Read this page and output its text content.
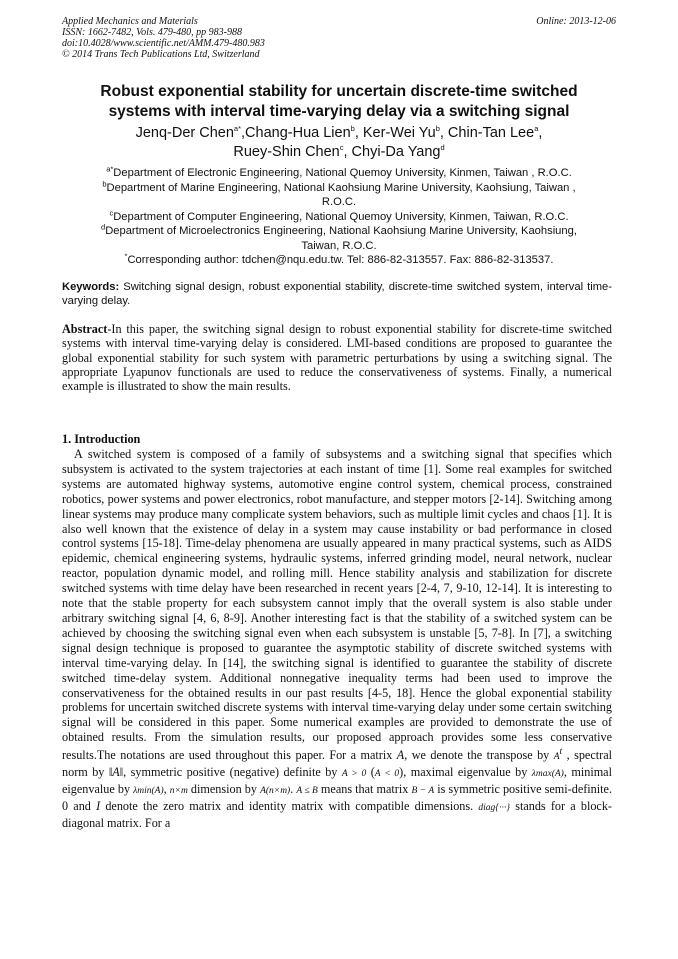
Applied Mechanics and Materials
ISSN: 1662-7482, Vols. 479-480, pp 983-988
doi:10.4028/www.scientific.net/AMM.479-480.983
© 2014 Trans Tech Publications Ltd, Switzerland
Online: 2013-12-06
Robust exponential stability for uncertain discrete-time switched
systems with interval time-varying delay via a switching signal
Jenq-Der Chen$^{a*}$,Chang-Hua Lien$^b$, Ker-Wei Yu$^b$, Chin-Tan Lee$^a$,
Ruey-Shin Chen$^c$, Chyi-Da Yang$^d$
$^{a*}$Department of Electronic Engineering, National Quemoy University, Kinmen, Taiwan , R.O.C.
$^b$Department of Marine Engineering, National Kaohsiung Marine University, Kaohsiung, Taiwan ,
R.O.C.
$^c$Department of Computer Engineering, National Quemoy University, Kinmen, Taiwan, R.O.C.
$^d$Department of Microelectronics Engineering, National Kaohsiung Marine University, Kaohsiung,
Taiwan, R.O.C.
*Corresponding author: tdchen@nqu.edu.tw. Tel: 886-82-313557. Fax: 886-82-313537.
Keywords: Switching signal design, robust exponential stability, discrete-time switched system, interval time-varying delay.
Abstract-In this paper, the switching signal design to robust exponential stability for discrete-time switched systems with interval time-varying delay is considered. LMI-based conditions are proposed to guarantee the global exponential stability for such system with parametric perturbations by using a switching signal. The appropriate Lyapunov functionals are used to reduce the conservativeness of systems. Finally, a numerical example is illustrated to show the main results.
1. Introduction
A switched system is composed of a family of subsystems and a switching signal that specifies which subsystem is activated to the system trajectories at each instant of time [1]. Some real examples for switched systems are automated highway systems, automotive engine control system, chemical process, constrained robotics, power systems and power electronics, robot manufacture, and stepper motors [2-14]. Switching among linear systems may produce many complicate system behaviors, such as multiple limit cycles and chaos [1]. It is also well known that the existence of delay in a system may cause instability or bad performance in closed control systems [15-18]. Time-delay phenomena are usually appeared in many practical systems, such as AIDS epidemic, chemical engineering systems, hydraulic systems, inferred grinding model, neural network, nuclear reactor, population dynamic model, and rolling mill. Hence stability analysis and stabilization for discrete switched systems with time delay have been researched in recent years [2-4, 7, 9-10, 12-14]. It is interesting to note that the stable property for each subsystem cannot imply that the overall system is also stable under arbitrary switching signal [4, 6, 8-9]. Another interesting fact is that the stability of a switched system can be achieved by choosing the switching signal even when each subsystem is unstable [5, 7-8]. In [7], a switching signal design technique is proposed to guarantee the asymptotic stability of discrete switched systems with interval time-varying delay. In [14], the switching signal is identified to guarantee the stability of discrete switched time-delay system. Additional nonnegative inequality terms had been used to improve the conservativeness for the obtained results in our past results [4-5, 18]. Hence the global exponential stability problems for uncertain switched discrete systems with interval time-varying delay under some certain switching signal will be considered in this paper. Some numerical examples are provided to demonstrate the use of obtained results. From the simulation results, our proposed approach provides some less conservative results.The notations are used throughout this paper. For a matrix A, we denote the transpose by $A^t$ , spectral norm by ‖A‖, symmetric positive (negative) definite by A > 0 (A < 0), maximal eigenvalue by λmax(A), minimal eigenvalue by λmin(A), n×m dimension by A(n×m). A ≤ B means that matrix B − A is symmetric positive semi-definite. 0 and I denote the zero matrix and identity matrix with compatible dimensions. diag{···} stands for a block-diagonal matrix. For a
